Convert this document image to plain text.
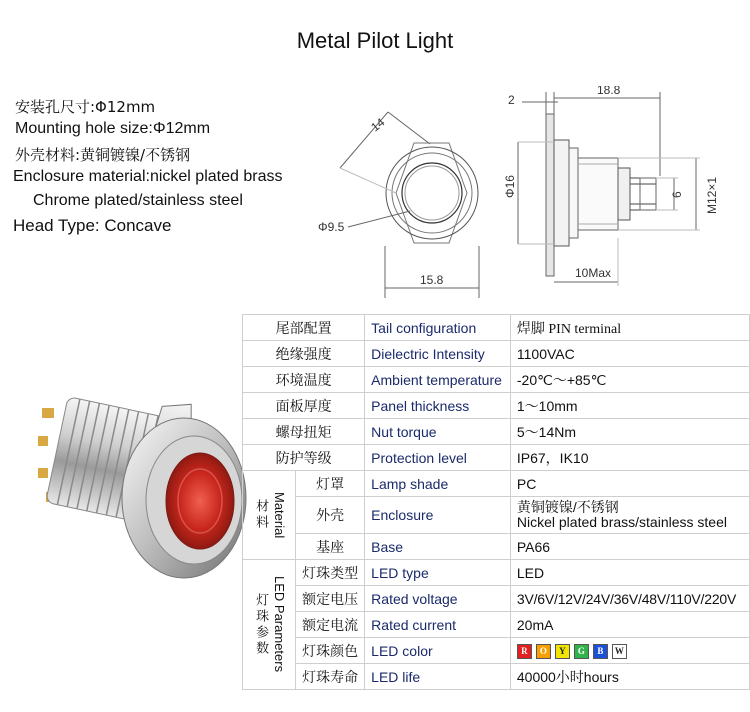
Metal Pilot Light
安装孔尺寸:Φ12mm
Mounting hole size:Φ12mm
外壳材料:黄铜镀镍/不锈钢
Enclosure material:nickel plated brass
Chrome plated/stainless steel
Head Type: Concave
14
Φ9.5
15.8
2
18.8
Φ16	6 M12×1
10Max
尾部配置		Tail configuration	焊脚 PIN terminal
绝缘强度		Dielectric Intensity	1100VAC
环境温度		Ambient temperature	-20℃～+85℃
面板厚度		Panel thickness	1～10mm
螺母扭矩		Nut torque	5～14Nm
防护等级		Protection level	IP67，IK10

材料 Material	灯罩	Lamp shade	PC
	外壳	Enclosure	黄铜镀镍/不锈钢
Nickel plated brass/stainless steel

	基座	Base	PA66

灯珠参数 LED Parameters	灯珠类型	LED type	LED
	额定电压	Rated voltage	3V/6V/12V/24V/36V/48V/110V/220V
	额定电流	Rated current	20mA
	灯珠颜色	LED color	R O Y G B W
	灯珠寿命	LED life	40000小时hours
